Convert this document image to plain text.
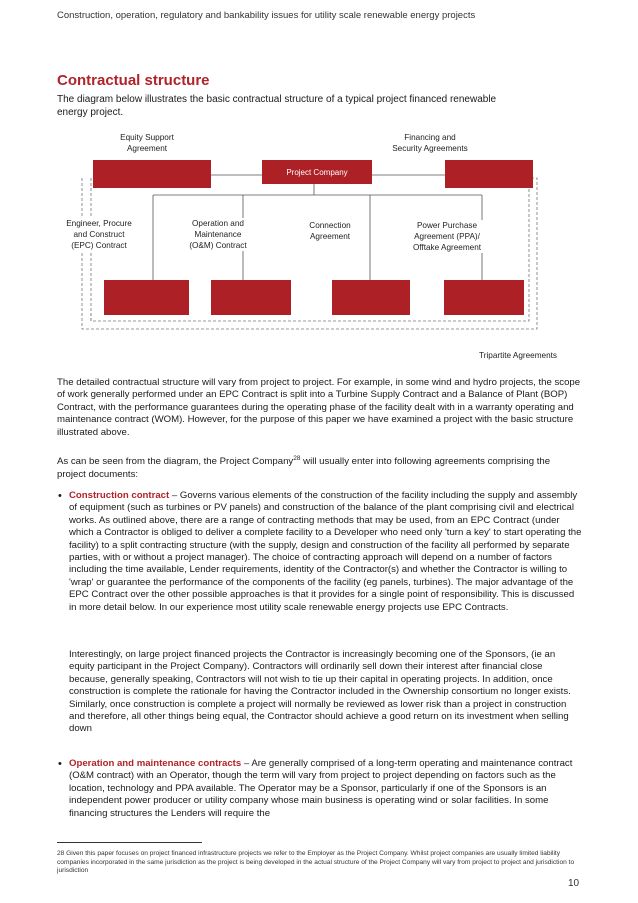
Construction, operation, regulatory and bankability issues for utility scale renewable energy projects
Contractual structure
The diagram below illustrates the basic contractual structure of a typical project financed renewable energy project.
Equity Support
Agreement
Financing and
Security Agreements
Project Company
Engineer, Procure
and Construct
(EPC) Contract
Operation and
Maintenance
(O&M) Contract
Connection
Agreement
Power Purchase
Agreement (PPA)/
Offtake Agreement
Tripartite Agreements
The detailed contractual structure will vary from project to project. For example, in some wind and hydro projects, the scope of work generally performed under an EPC Contract is split into a Turbine Supply Contract and a Balance of Plant (BOP) Contract, with the performance guarantees during the operating phase of the facility dealt with in a warranty operating and maintenance contract (WOM). However, for the purpose of this paper we have examined a project with the basic structure illustrated above.
As can be seen from the diagram, the Project Company$^{28}$ will usually enter into following agreements comprising the project documents:
• Construction contract – Governs various elements of the construction of the facility including the supply and assembly of equipment (such as turbines or PV panels) and construction of the balance of the plant comprising civil and electrical works. As outlined above, there are a range of contracting methods that may be used, from an EPC Contract (under which a Contractor is obliged to deliver a complete facility to a Developer who need only 'turn a key' to start operating the facility) to a split contracting structure (with the supply, design and construction of the facility all performed by separate parties, with or without a project manager). The choice of contracting approach will depend on a number of factors including the time available, Lender requirements, identity of the Contractor(s) and whether the Contractor is willing to 'wrap' or guarantee the performance of the components of the facility (eg panels, turbines). The major advantage of the EPC Contract over the other possible approaches is that it provides for a single point of responsibility. This is discussed in more detail below. In our experience most utility scale renewable energy projects use EPC Contracts.
Interestingly, on large project financed projects the Contractor is increasingly becoming one of the Sponsors, (ie an equity participant in the Project Company). Contractors will ordinarily sell down their interest after financial close because, generally speaking, Contractors will not wish to tie up their capital in operating projects. In addition, once construction is complete the rationale for having the Contractor included in the Ownership consortium no longer exists. Similarly, once construction is complete a project will normally be reviewed as lower risk than a project in construction and therefore, all other things being equal, the Contractor should achieve a good return on its investment when selling down
• Operation and maintenance contracts – Are generally comprised of a long-term operating and maintenance contract (O&M contract) with an Operator, though the term will vary from project to project depending on factors such as the location, technology and PPA available. The Operator may be a Sponsor, particularly if one of the Sponsors is an independent power producer or utility company whose main business is operating wind or solar facilities. In some financing structures the Lenders will require the
28 Given this paper focuses on project financed infrastructure projects we refer to the Employer as the Project Company. Whilst project companies are usually limited liability companies incorporated in the same jurisdiction as the project is being developed in the actual structure of the Project Company will vary from project to project and jurisdiction to jurisdiction
10
